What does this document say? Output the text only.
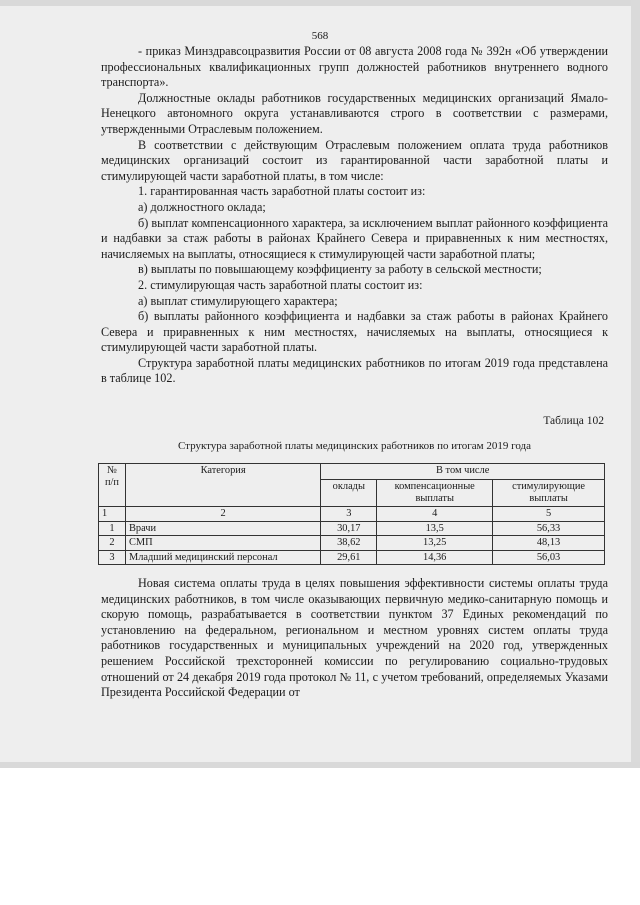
568

- приказ Минздравсоцразвития России от 08 августа 2008 года № 392н «Об утверждении профессиональных квалификационных групп должностей работников внутреннего водного транспорта».

Должностные оклады работников государственных медицинских организаций Ямало-Ненецкого автономного округа устанавливаются строго в соответствии с размерами, утвержденными Отраслевым положением.

В соответствии с действующим Отраслевым положением оплата труда работников медицинских организаций состоит из гарантированной части заработной платы и стимулирующей части заработной платы, в том числе:

1. гарантированная часть заработной платы состоит из:

а) должностного оклада;

б) выплат компенсационного характера, за исключением выплат районного коэффициента и надбавки за стаж работы в районах Крайнего Севера и приравненных к ним местностях, начисляемых на выплаты, относящиеся к стимулирующей части заработной платы;

в) выплаты по повышающему коэффициенту за работу в сельской местности;

2. стимулирующая часть заработной платы состоит из:

а) выплат стимулирующего характера;

б) выплаты районного коэффициента и надбавки за стаж работы в районах Крайнего Севера и приравненных к ним местностях, начисляемых на выплаты, относящиеся к стимулирующей части заработной платы.

Структура заработной платы медицинских работников по итогам 2019 года представлена в таблице 102.

Таблица 102
Структура заработной платы медицинских работников по итогам 2019 года
№ п/п	Категория	В том числе		
		оклады	компенсационные выплаты	стимулирующие выплаты
1	2	3	4	5
1	Врачи	30,17	13,5	56,33
2	СМП	38,62	13,25	48,13
3	Младший медицинский персонал	29,61	14,36	56,03

Новая система оплаты труда в целях повышения эффективности системы оплаты труда медицинских работников, в том числе оказывающих первичную медико-санитарную помощь и скорую помощь, разрабатывается в соответствии пунктом 37 Единых рекомендаций по установлению на федеральном, региональном и местном уровнях систем оплаты труда работников государственных и муниципальных учреждений на 2020 год, утвержденных решением Российской трехсторонней комиссии по регулированию социально-трудовых отношений от 24 декабря 2019 года протокол № 11, с учетом требований, определяемых Указами Президента Российской Федерации от
